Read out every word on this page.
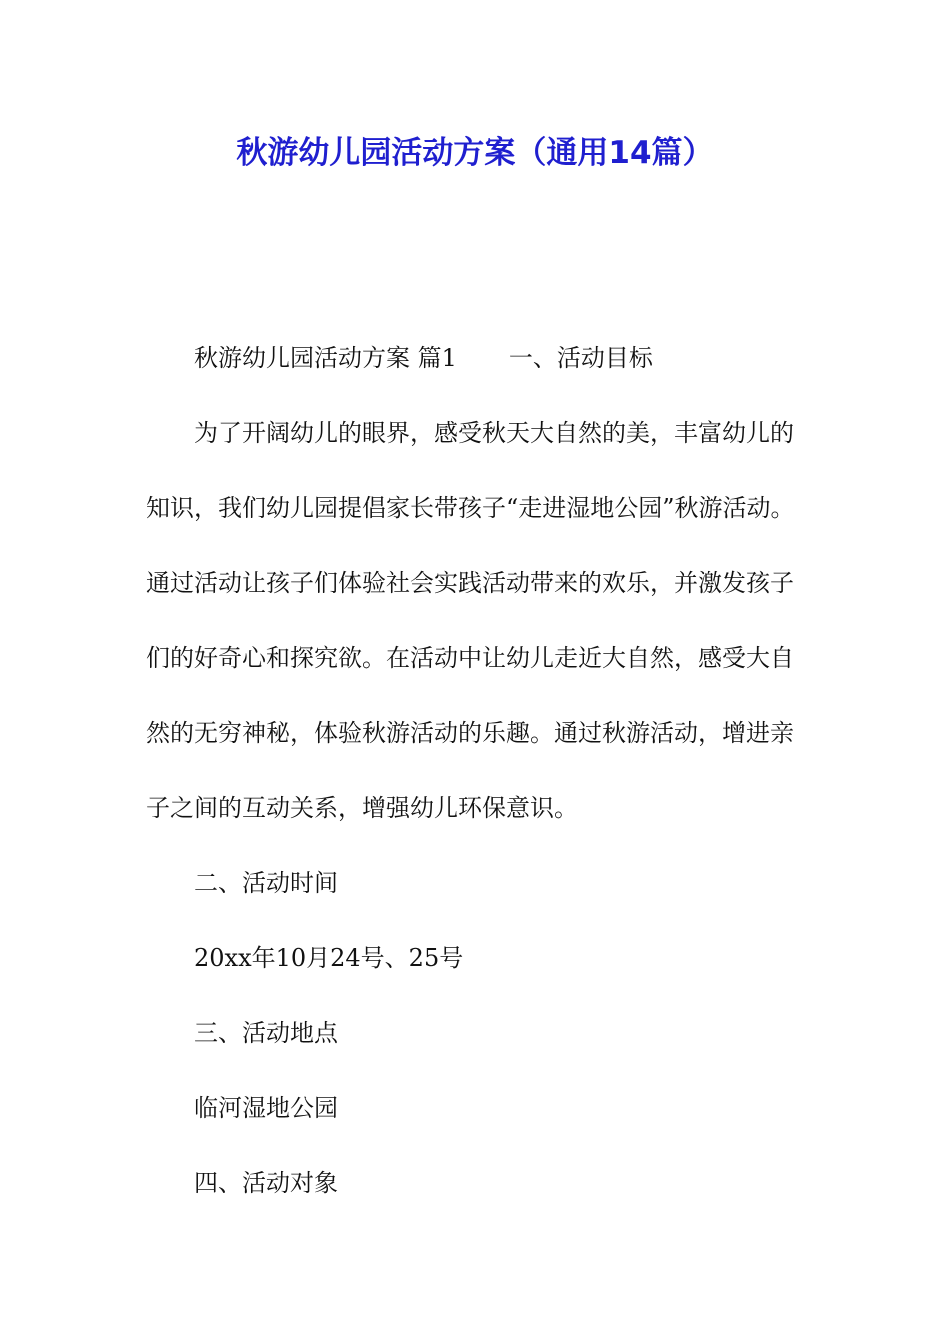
秋游幼儿园活动方案（通用14篇）
秋游幼儿园活动方案 篇1 一、活动目标
为了开阔幼儿的眼界，感受秋天大自然的美，丰富幼儿的
知识，我们幼儿园提倡家长带孩子“走进湿地公园”秋游活动。
通过活动让孩子们体验社会实践活动带来的欢乐，并激发孩子
们的好奇心和探究欲。在活动中让幼儿走近大自然，感受大自
然的无穷神秘，体验秋游活动的乐趣。通过秋游活动，增进亲
子之间的互动关系，增强幼儿环保意识。
二、活动时间
20xx年10月24号、25号
三、活动地点
临河湿地公园
四、活动对象
